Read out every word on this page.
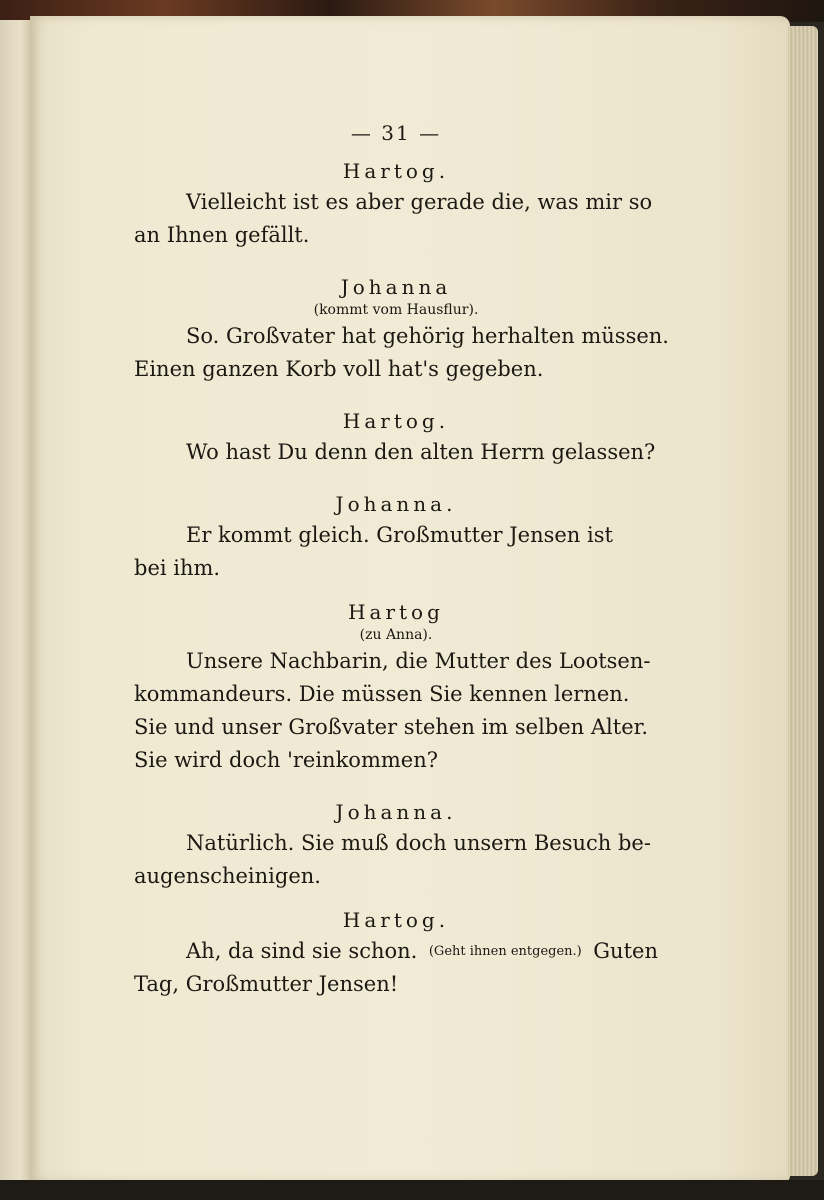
— 31 —
Hartog.
Vielleicht ist es aber gerade die, was mir so
an Ihnen gefällt.
Johanna
(kommt vom Hausflur).
So. Großvater hat gehörig herhalten müssen.
Einen ganzen Korb voll hat's gegeben.
Hartog.
Wo hast Du denn den alten Herrn gelassen?
Johanna.
Er kommt gleich. Großmutter Jensen ist
bei ihm.
Hartog
(zu Anna).
Unsere Nachbarin, die Mutter des Lootsen-
kommandeurs. Die müssen Sie kennen lernen.
Sie und unser Großvater stehen im selben Alter.
Sie wird doch 'reinkommen?
Johanna.
Natürlich. Sie muß doch unsern Besuch be-
augenscheinigen.
Hartog.
Ah, da sind sie schon. (Geht ihnen entgegen.) Guten
Tag, Großmutter Jensen!
